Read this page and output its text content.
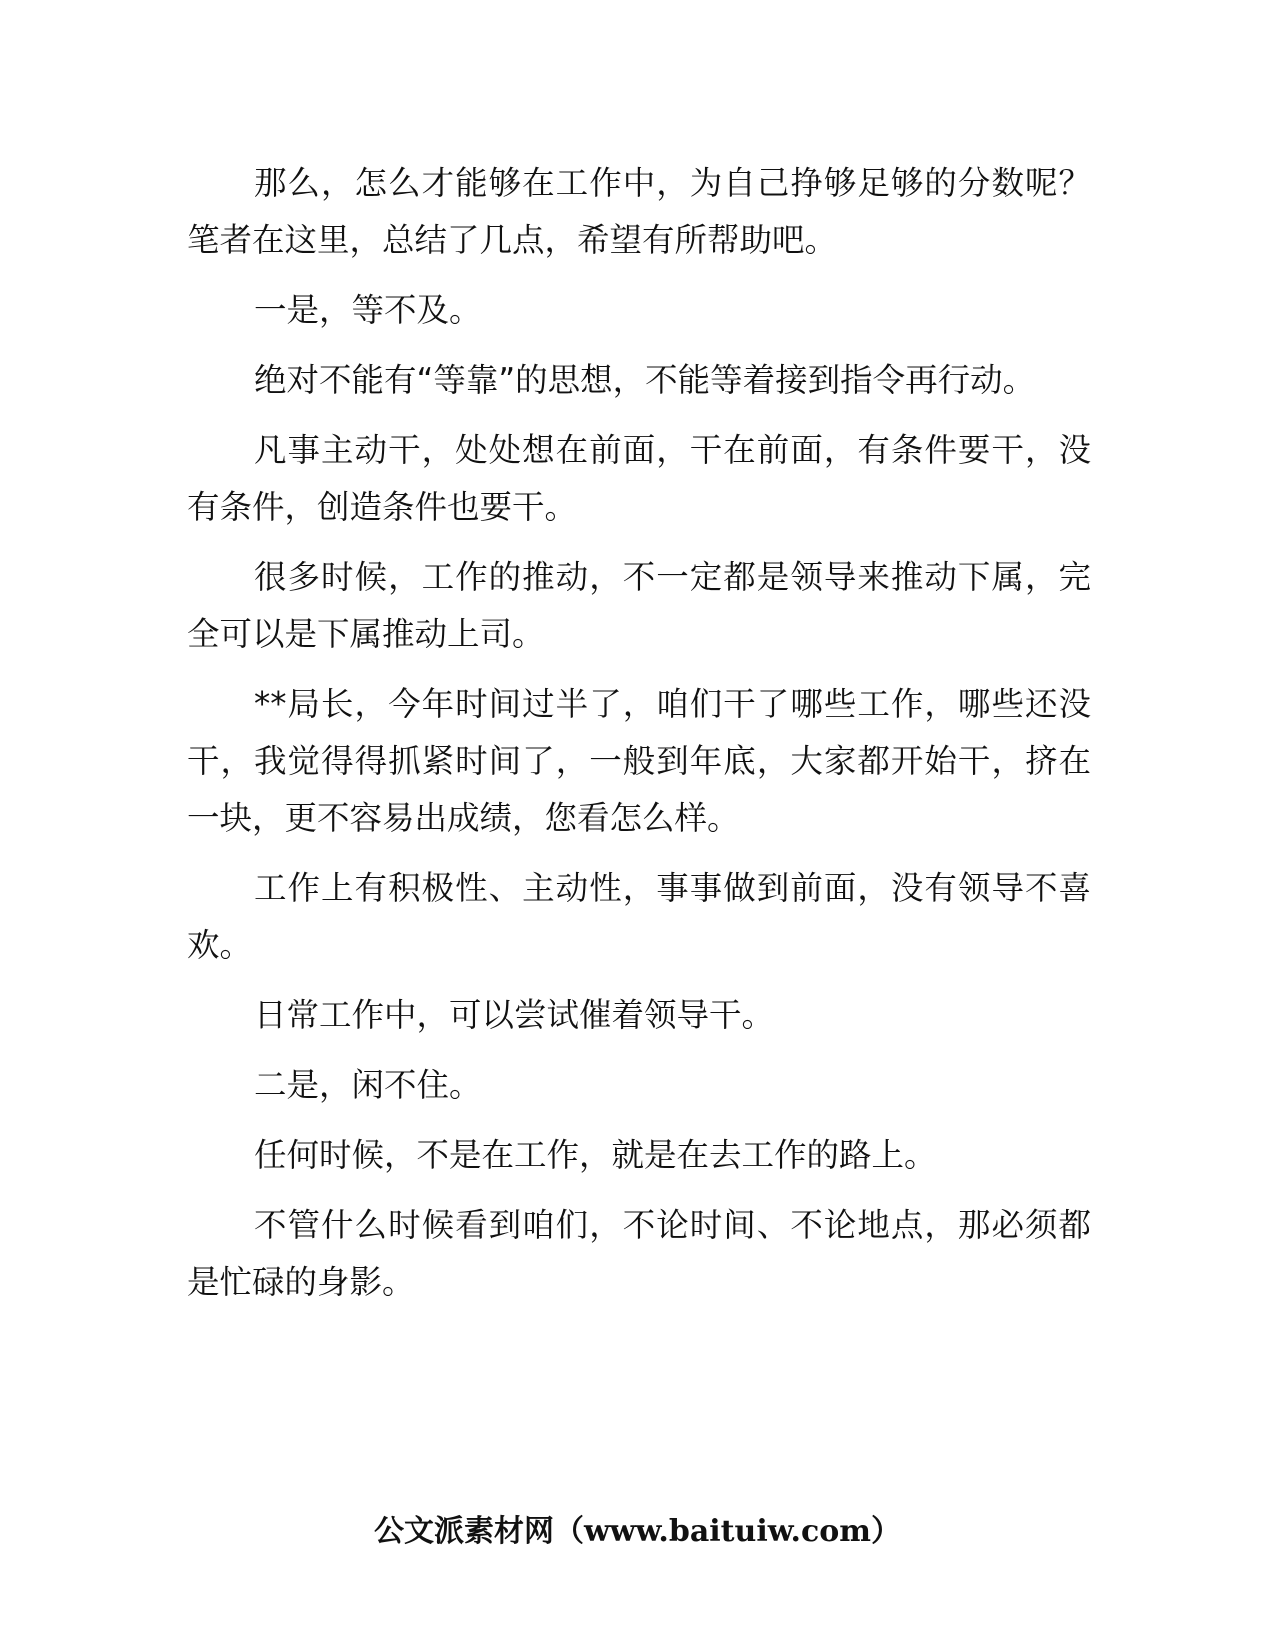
那么，怎么才能够在工作中，为自己挣够足够的分数呢？笔者在这里，总结了几点，希望有所帮助吧。

一是，等不及。

绝对不能有“等靠”的思想，不能等着接到指令再行动。

凡事主动干，处处想在前面，干在前面，有条件要干，没有条件，创造条件也要干。

很多时候，工作的推动，不一定都是领导来推动下属，完全可以是下属推动上司。

**局长，今年时间过半了，咱们干了哪些工作，哪些还没干，我觉得得抓紧时间了，一般到年底，大家都开始干，挤在一块，更不容易出成绩，您看怎么样。

工作上有积极性、主动性，事事做到前面，没有领导不喜欢。

日常工作中，可以尝试催着领导干。

二是，闲不住。

任何时候，不是在工作，就是在去工作的路上。

不管什么时候看到咱们，不论时间、不论地点，那必须都是忙碌的身影。

公文派素材网（www.baituiw.com）
